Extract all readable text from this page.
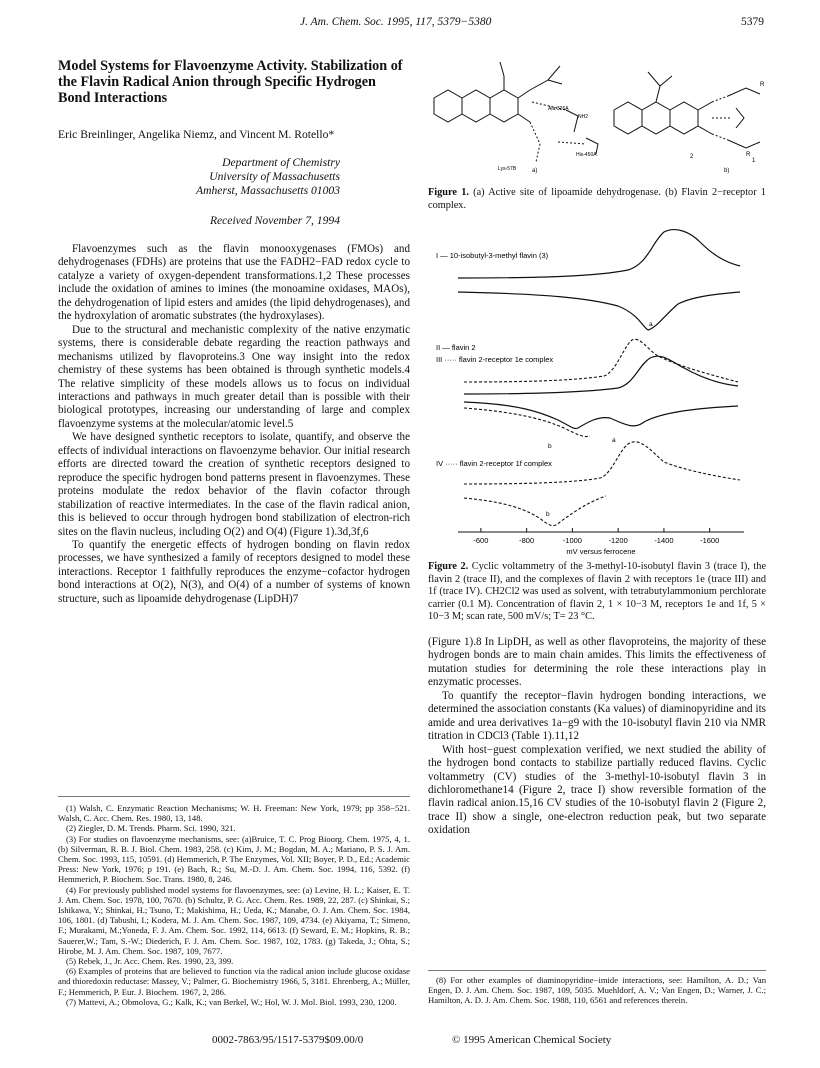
J. Am. Chem. Soc. 1995, 117, 5379−5380	5379
Model Systems for Flavoenzyme Activity. Stabilization of the Flavin Radical Anion through Specific Hydrogen Bond Interactions
Eric Breinlinger, Angelika Niemz, and Vincent M. Rotello*
Department of Chemistry
University of Massachusetts
Amherst, Massachusetts 01003
Received November 7, 1994

Flavoenzymes such as the flavin monooxygenases (FMOs) and dehydrogenases (FDHs) are proteins that use the FADH2−FAD redox cycle to catalyze a variety of oxygen-dependent transformations.1,2 These processes include the oxidation of amines to imines (the monoamine oxidases, MAOs), the dehydrogenation of lipid esters and amides (the lipid dehydrogenases), and the hydroxylation of aromatic substrates (the hydroxylases).

Due to the structural and mechanistic complexity of the native enzymatic systems, there is considerable debate regarding the reaction pathways and mechanisms utilized by flavoproteins.3 One way insight into the redox chemistry of these systems has been obtained is through synthetic models.4 The relative simplicity of these models allows us to focus on individual interactions and pathways in much greater detail than is possible with their biological prototypes, increasing our understanding of large and complex flavoenzyme systems at the molecular/atomic level.5

We have designed synthetic receptors to isolate, quantify, and observe the effects of individual interactions on flavoenzyme behavior. Our initial research efforts are directed toward the creation of synthetic receptors designed to reproduce the specific hydrogen bond patterns present in flavoenzymes. These proteins modulate the redox behavior of the flavin cofactor through stabilization of reactive intermediates. In the case of the flavin radical anion, this is believed to occur through hydrogen bond stabilization of electron-rich sites on the flavin nucleus, including O(2) and O(4) (Figure 1).3d,3f,6

To quantify the energetic effects of hydrogen bonding on flavin redox processes, we have synthesized a family of receptors designed to model these interactions. Receptor 1 faithfully reproduces the enzyme−cofactor hydrogen bond interactions at O(2), N(3), and O(4) of a number of systems of known structure, such as lipoamide dehydrogenase (LipDH)7

(1) Walsh, C. Enzymatic Reaction Mechanisms; W. H. Freeman: New York, 1979; pp 358−521. Walsh, C. Acc. Chem. Res. 1980, 13, 148.

(2) Ziegler, D. M. Trends. Pharm. Sci. 1990, 321.

(3) For studies on flavoenzyme mechanisms, see: (a)Bruice, T. C. Prog Bioorg. Chem. 1975, 4, 1. (b) Silverman, R. B. J. Biol. Chem. 1983, 258. (c) Kim, J. M.; Bogdan, M. A.; Mariano, P. S. J. Am. Chem. Soc. 1993, 115, 10591. (d) Hemmerich, P. The Enzymes, Vol. XII; Boyer, P. D., Ed.; Academic Press: New York, 1976; p 191. (e) Bach, R.; Su, M.-D. J. Am. Chem. Soc. 1994, 116, 5392. (f) Hemmerich, P. Biochem. Soc. Trans. 1980, 8, 246.

(4) For previously published model systems for flavoenzymes, see: (a) Levine, H. L.; Kaiser, E. T. J. Am. Chem. Soc. 1978, 100, 7670. (b) Schultz, P. G. Acc. Chem. Res. 1989, 22, 287. (c) Shinkai, S.; Ishikawa, Y.; Shinkai, H.; Tsuno, T.; Makishima, H.; Ueda, K.; Manabe, O. J. Am. Chem. Soc. 1984, 106, 1801. (d) Tabushi, I.; Kodera, M. J. Am. Chem. Soc. 1987, 109, 4734. (e) Akiyama, T.; Simeno, F.; Murakami, M.;Yoneda, F. J. Am. Chem. Soc. 1992, 114, 6613. (f) Seward, E. M.; Hopkins, R. B.; Sauerer,W.; Tam, S.-W.; Diederich, F. J. Am. Chem. Soc. 1987, 102, 1783. (g) Takeda, J.; Ohta, S.; Hirobe, M. J. Am. Chem. Soc. 1987, 109, 7677.

(5) Rebek, J., Jr. Acc. Chem. Res. 1990, 23, 399.

(6) Examples of proteins that are believed to function via the radical anion include glucose oxidase and thioredoxin reductase: Massey, V.; Palmer, G. Biochemistry 1966, 5, 3181. Ehrenberg, A.; Müller, F.; Hemmerich, P. Eur. J. Biochem. 1967, 2, 286.

(7) Mattevi, A.; Obmolova, G.; Kalk, K.; van Berkel, W.; Hol, W. J. Mol. Biol. 1993, 230, 1200.

Ala-326A
NH2
His-450A
Lys-57B	a)	b)
2
1
R
R
Figure 1. (a) Active site of lipoamide dehydrogenase. (b) Flavin 2−receptor 1 complex.
I — 10-isobutyl-3-methyl flavin (3)
II — flavin 2
III ····· flavin 2-receptor 1e complex
IV ····· flavin 2-receptor 1f complex
a
b
a
b
-600	-800	-1000	-1200	-1400	-1600
mV versus ferrocene
Figure 2. Cyclic voltammetry of the 3-methyl-10-isobutyl flavin 3 (trace I), the flavin 2 (trace II), and the complexes of flavin 2 with receptors 1e (trace III) and 1f (trace IV). CH2Cl2 was used as solvent, with tetrabutylammonium perchlorate carrier (0.1 M). Concentration of flavin 2, 1 × 10−3 M, receptors 1e and 1f, 5 × 10−3 M; scan rate, 500 mV/s; T= 23 °C.

(Figure 1).8 In LipDH, as well as other flavoproteins, the majority of these hydrogen bonds are to main chain amides. This limits the effectiveness of mutation studies for determining the role these interactions play in enzymatic processes.

To quantify the receptor−flavin hydrogen bonding interactions, we determined the association constants (Ka values) of diaminopyridine and its amide and urea derivatives 1a−g9 with the 10-isobutyl flavin 210 via NMR titration in CDCl3 (Table 1).11,12

With host−guest complexation verified, we next studied the ability of the hydrogen bond contacts to stabilize partially reduced flavins. Cyclic voltammetry (CV) studies of the 3-methyl-10-isobutyl flavin 3 in dichloromethane14 (Figure 2, trace I) show reversible formation of the flavin radical anion.15,16 CV studies of the 10-isobutyl flavin 2 (Figure 2, trace II) show a single, one-electron reduction peak, but two separate oxidation

(8) For other examples of diaminopyridine−imide interactions, see: Hamilton, A. D.; Van Engen, D. J. Am. Chem. Soc. 1987, 109, 5035. Muehldorf, A. V.; Van Engen, D.; Warner, J. C.; Hamilton, A. D. J. Am. Chem. Soc. 1988, 110, 6561 and references therein.

0002-7863/95/1517-5379$09.00/0	© 1995 American Chemical Society
